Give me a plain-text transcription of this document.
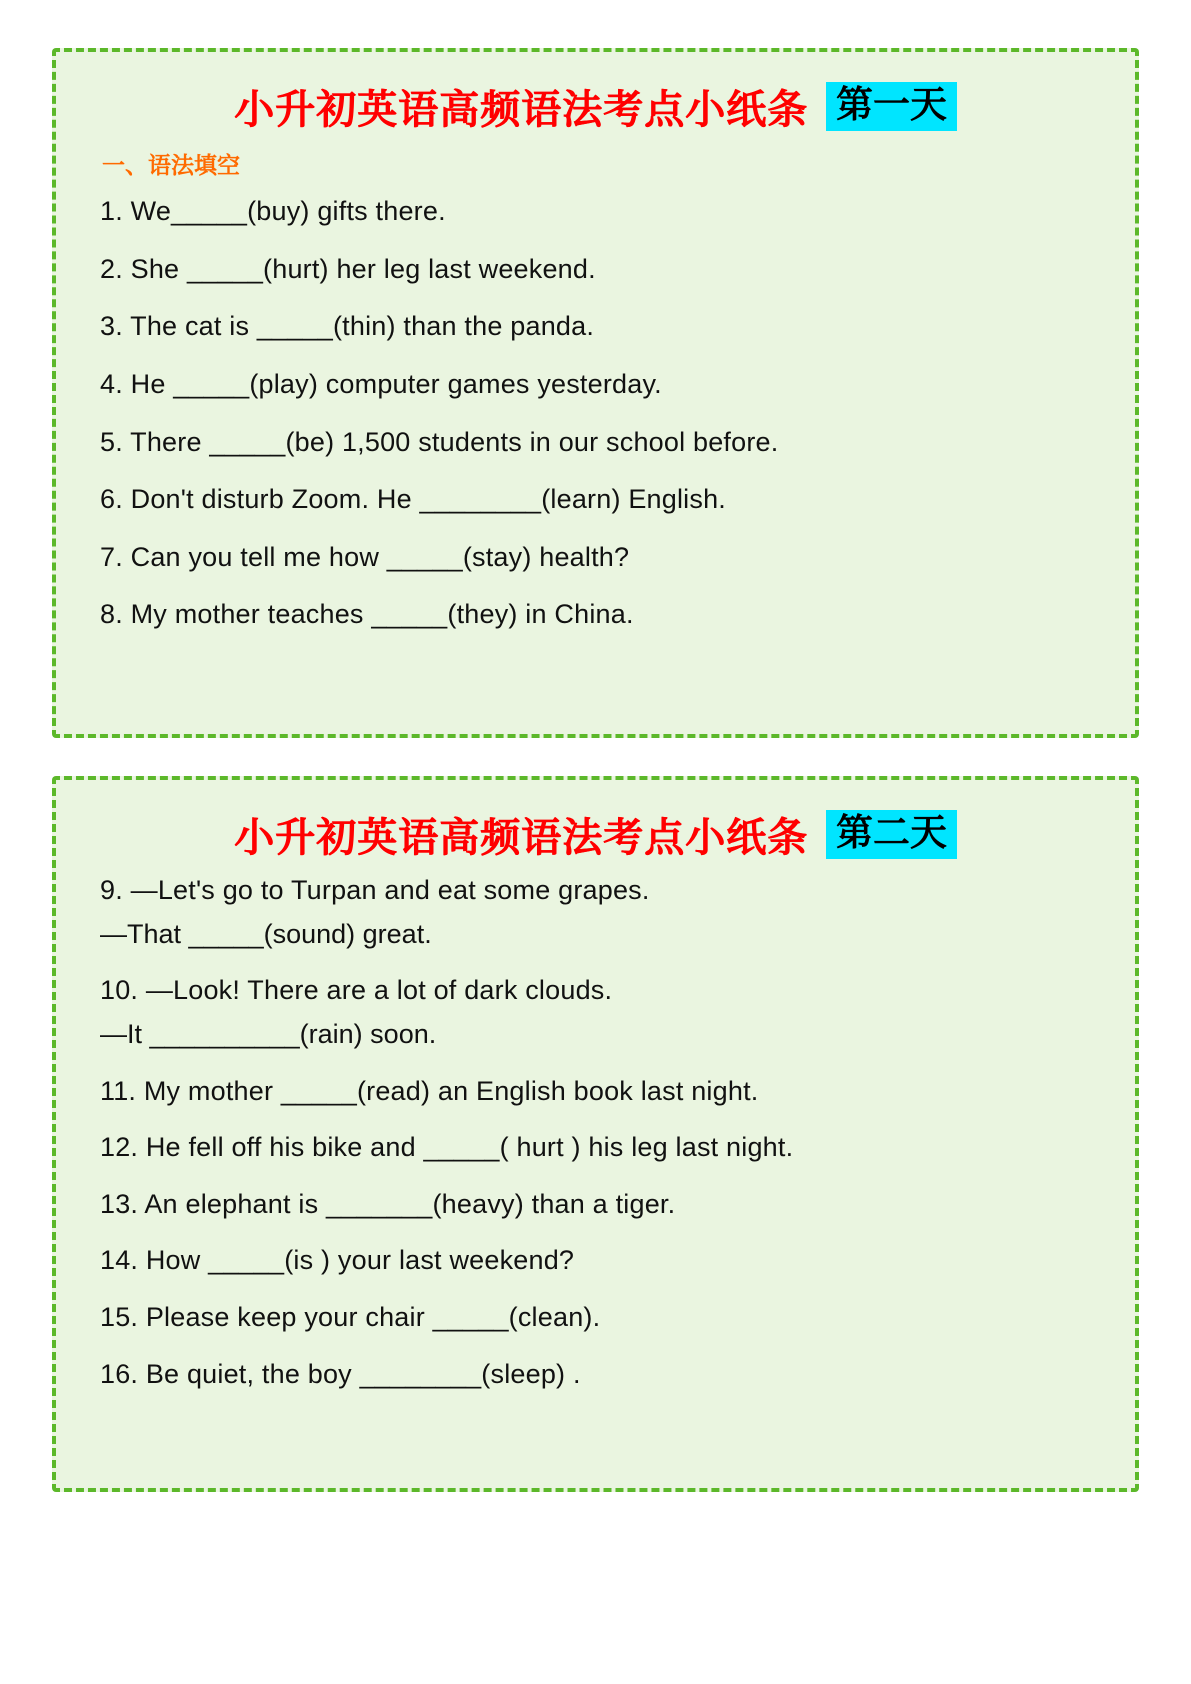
小升初英语高频语法考点小纸条 第一天
一、语法填空
1. We_____(buy) gifts there.
2. She _____(hurt) her leg last weekend.
3. The cat is _____(thin) than the panda.
4. He _____(play) computer games yesterday.
5. There _____(be) 1,500 students in our school before.
6. Don't disturb Zoom. He ________(learn) English.
7. Can you tell me how _____(stay) health?
8. My mother teaches _____(they) in China.
小升初英语高频语法考点小纸条 第二天
9. —Let's go to Turpan and eat some grapes.
—That _____(sound) great.
10. —Look! There are a lot of dark clouds.
—It __________(rain) soon.
11. My mother _____(read) an English book last night.
12. He fell off his bike and _____( hurt ) his leg last night.
13. An elephant is _______(heavy) than a tiger.
14. How _____(is ) your last weekend?
15. Please keep your chair _____(clean).
16. Be quiet, the boy ________(sleep) .
